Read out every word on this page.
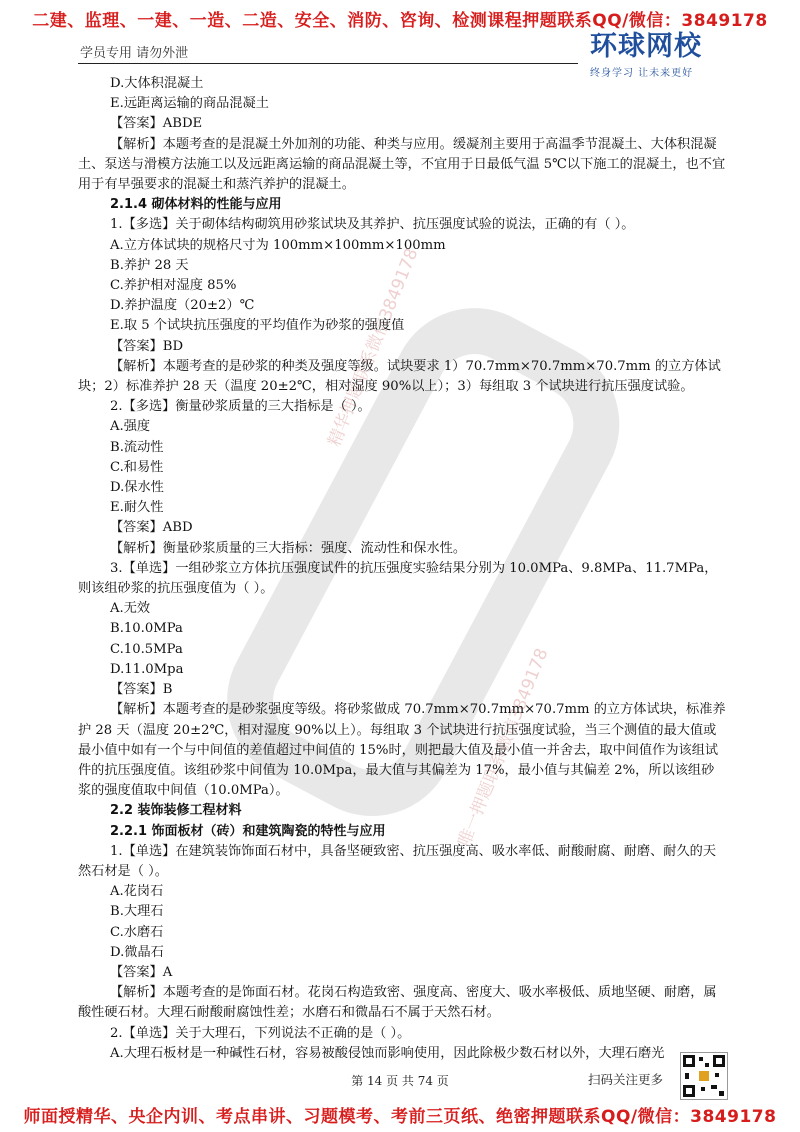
二建、监理、一建、一造、二造、安全、消防、咨询、检测课程押题联系QQ/微信：3849178
学员专用 请勿外泄	环球网校
终身学习 让未来更好
精华押题联系微信3849178
唯一押题联系微信3849178

D.大体积混凝土

E.远距离运输的商品混凝土

【答案】ABDE

【解析】本题考查的是混凝土外加剂的功能、种类与应用。缓凝剂主要用于高温季节混凝土、大体积混凝土、泵送与滑模方法施工以及远距离运输的商品混凝土等，不宜用于日最低气温 5℃以下施工的混凝土，也不宜用于有早强要求的混凝土和蒸汽养护的混凝土。

2.1.4 砌体材料的性能与应用

1.【多选】关于砌体结构砌筑用砂浆试块及其养护、抗压强度试验的说法，正确的有（ ）。

A.立方体试块的规格尺寸为 100mm×100mm×100mm

B.养护 28 天

C.养护相对湿度 85%

D.养护温度（20±2）℃

E.取 5 个试块抗压强度的平均值作为砂浆的强度值

【答案】BD

【解析】本题考查的是砂浆的种类及强度等级。试块要求 1）70.7mm×70.7mm×70.7mm 的立方体试块；2）标准养护 28 天（温度 20±2℃，相对湿度 90%以上）；3）每组取 3 个试块进行抗压强度试验。

2.【多选】衡量砂浆质量的三大指标是（ ）。

A.强度

B.流动性

C.和易性

D.保水性

E.耐久性

【答案】ABD

【解析】衡量砂浆质量的三大指标：强度、流动性和保水性。

3.【单选】一组砂浆立方体抗压强度试件的抗压强度实验结果分别为 10.0MPa、9.8MPa、11.7MPa，则该组砂浆的抗压强度值为（ ）。

A.无效

B.10.0MPa

C.10.5MPa

D.11.0Mpa

【答案】B

【解析】本题考查的是砂浆强度等级。将砂浆做成 70.7mm×70.7mm×70.7mm 的立方体试块，标准养护 28 天（温度 20±2℃，相对湿度 90%以上）。每组取 3 个试块进行抗压强度试验，当三个测值的最大值或最小值中如有一个与中间值的差值超过中间值的 15%时，则把最大值及最小值一并舍去，取中间值作为该组试件的抗压强度值。该组砂浆中间值为 10.0Mpa，最大值与其偏差为 17%，最小值与其偏差 2%，所以该组砂浆的强度值取中间值（10.0MPa）。

2.2 装饰装修工程材料

2.2.1 饰面板材（砖）和建筑陶瓷的特性与应用

1.【单选】在建筑装饰饰面石材中，具备坚硬致密、抗压强度高、吸水率低、耐酸耐腐、耐磨、耐久的天然石材是（ ）。

A.花岗石

B.大理石

C.水磨石

D.微晶石

【答案】A

【解析】本题考查的是饰面石材。花岗石构造致密、强度高、密度大、吸水率极低、质地坚硬、耐磨，属酸性硬石材。大理石耐酸耐腐蚀性差；水磨石和微晶石不属于天然石材。

2.【单选】关于大理石，下列说法不正确的是（ ）。

A.大理石板材是一种碱性石材，容易被酸侵蚀而影响使用，因此除极少数石材以外，大理石磨光

第 14 页 共 74 页	扫码关注更多
师面授精华、央企内训、考点串讲、习题模考、考前三页纸、绝密押题联系QQ/微信：3849178
